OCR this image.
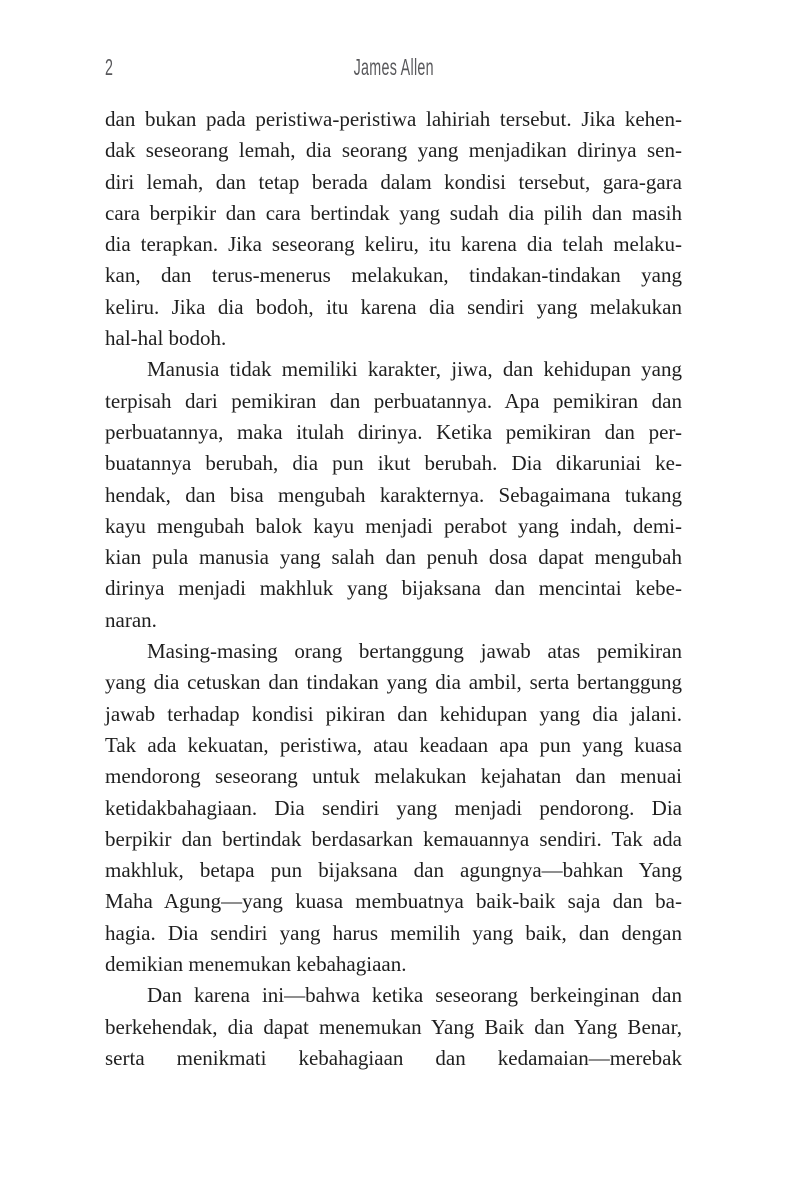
2	James Allen
dan bukan pada peristiwa-peristiwa lahiriah tersebut. Jika kehen-
dak seseorang lemah, dia seorang yang menjadikan dirinya sen-
diri lemah, dan tetap berada dalam kondisi tersebut, gara-gara
cara berpikir dan cara bertindak yang sudah dia pilih dan masih
dia terapkan. Jika seseorang keliru, itu karena dia telah melaku-
kan, dan terus-menerus melakukan, tindakan-tindakan yang
keliru. Jika dia bodoh, itu karena dia sendiri yang melakukan
hal-hal bodoh.
Manusia tidak memiliki karakter, jiwa, dan kehidupan yang
terpisah dari pemikiran dan perbuatannya. Apa pemikiran dan
perbuatannya, maka itulah dirinya. Ketika pemikiran dan per-
buatannya berubah, dia pun ikut berubah. Dia dikaruniai ke-
hendak, dan bisa mengubah karakternya. Sebagaimana tukang
kayu mengubah balok kayu menjadi perabot yang indah, demi-
kian pula manusia yang salah dan penuh dosa dapat mengubah
dirinya menjadi makhluk yang bijaksana dan mencintai kebe-
naran.
Masing-masing orang bertanggung jawab atas pemikiran
yang dia cetuskan dan tindakan yang dia ambil, serta bertanggung
jawab terhadap kondisi pikiran dan kehidupan yang dia jalani.
Tak ada kekuatan, peristiwa, atau keadaan apa pun yang kuasa
mendorong seseorang untuk melakukan kejahatan dan menuai
ketidakbahagiaan. Dia sendiri yang menjadi pendorong. Dia
berpikir dan bertindak berdasarkan kemauannya sendiri. Tak ada
makhluk, betapa pun bijaksana dan agungnya—bahkan Yang
Maha Agung—yang kuasa membuatnya baik-baik saja dan ba-
hagia. Dia sendiri yang harus memilih yang baik, dan dengan
demikian menemukan kebahagiaan.
Dan karena ini—bahwa ketika seseorang berkeinginan dan
berkehendak, dia dapat menemukan Yang Baik dan Yang Benar,
serta menikmati kebahagiaan dan kedamaian—merebak
